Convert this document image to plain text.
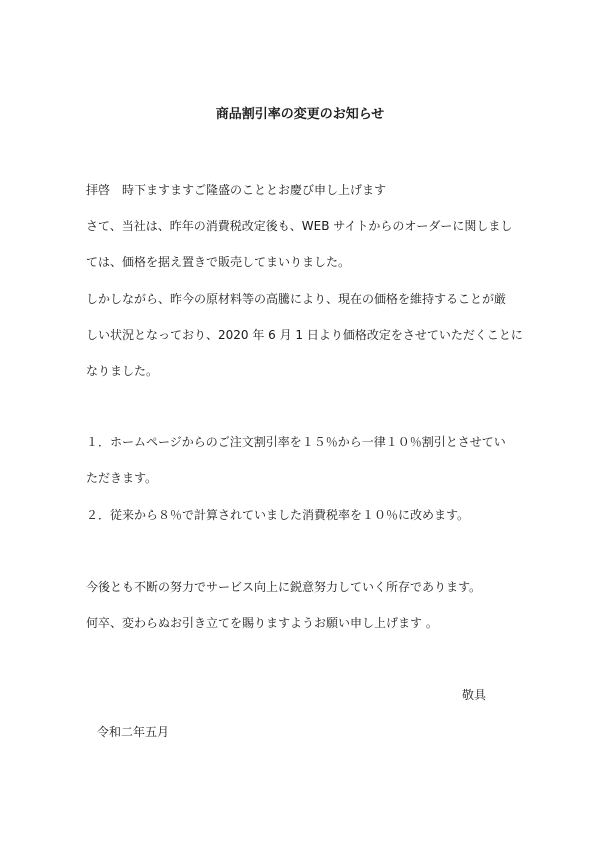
商品割引率の変更のお知らせ
拝啓　時下ますますご隆盛のこととお慶び申し上げます
さて、当社は、昨年の消費税改定後も、WEB サイトからのオーダーに関しまし
ては、価格を据え置きで販売してまいりました。
しかしながら、昨今の原材料等の高騰により、現在の価格を維持することが厳
しい状況となっており、2020 年 6 月 1 日より価格改定をさせていただくことに
なりました。
１．ホームページからのご注文割引率を１５％から一律１０％割引とさせてい
ただきます。
２．従来から８％で計算されていました消費税率を１０％に改めます。
今後とも不断の努力でサービス向上に鋭意努力していく所存であります。
何卒、変わらぬお引き立てを賜りますようお願い申し上げます 。
敬具
令和二年五月
